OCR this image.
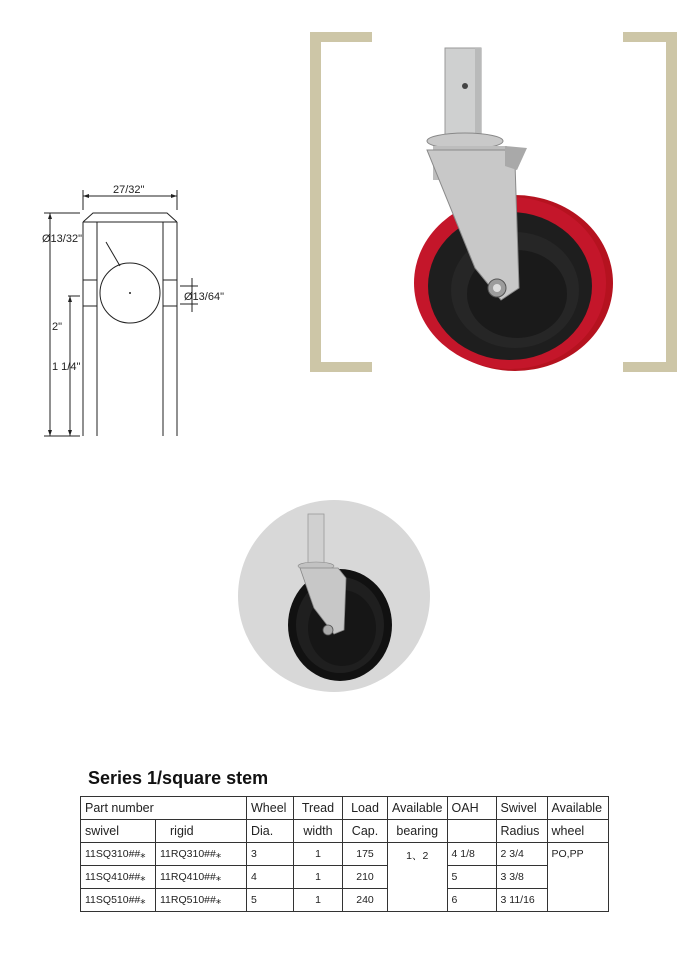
27/32"
Ø13/32"
Ø13/64"
2"
1 1/4"
Series 1/square stem
Part number		Wheel	Tread	Load	Available	OAH	Swivel	Available
swivel	rigid	Dia.	width	Cap.	bearing		Radius	wheel
11SQ310##⁎	11RQ310##⁎	3	1	175	1、2	4 1/8	2 3/4	PO,PP
11SQ410##⁎	11RQ410##⁎	4	1	210		5	3 3/8	
11SQ510##⁎	11RQ510##⁎	5	1	240		6	3 11/16	
